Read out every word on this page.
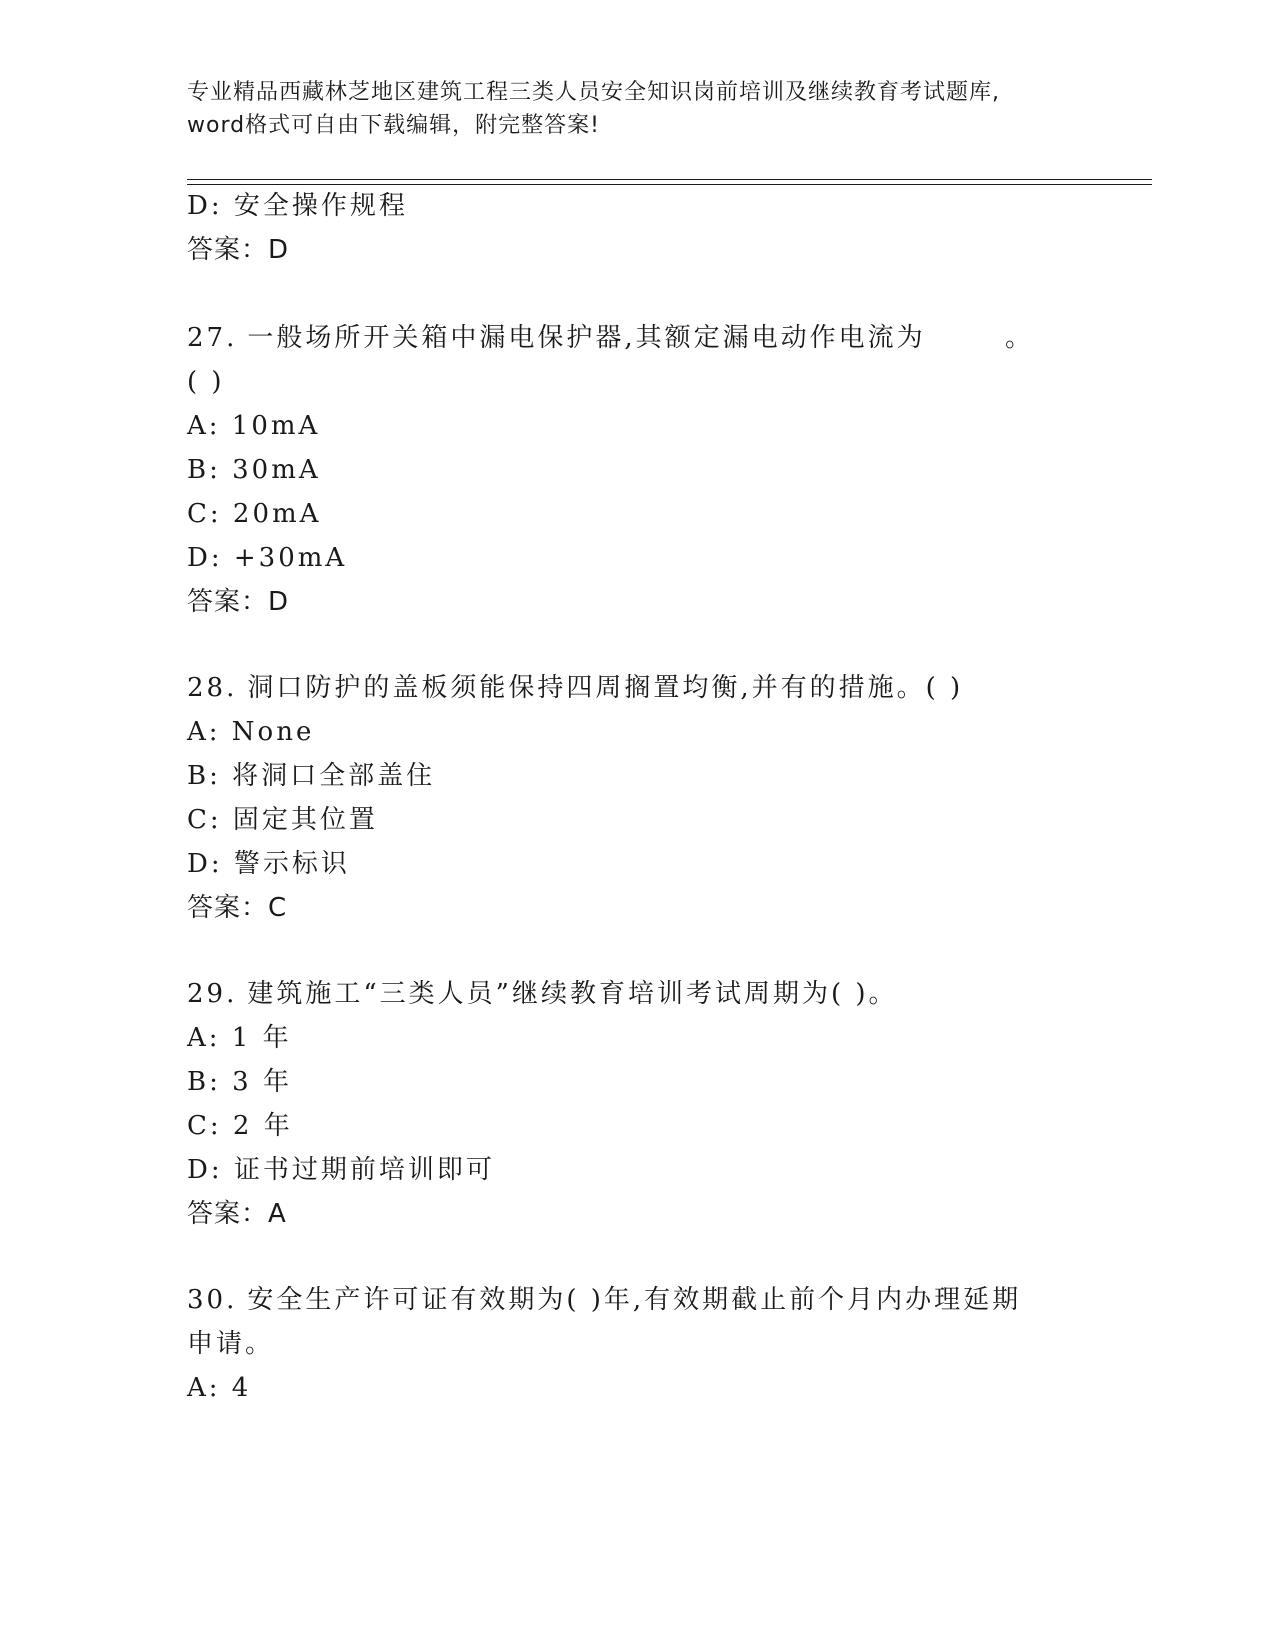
专业精品西藏林芝地区建筑工程三类人员安全知识岗前培训及继续教育考试题库,
word格式可自由下载编辑，附完整答案!
D: 安全操作规程
答案：D
27. 一般场所开关箱中漏电保护器,其额定漏电动作电流为	。
( )
A: 10mA
B: 30mA
C: 20mA
D: +30mA
答案：D
28. 洞口防护的盖板须能保持四周搁置均衡,并有的措施。( )
A: None
B: 将洞口全部盖住
C: 固定其位置
D: 警示标识
答案：C
29. 建筑施工“三类人员”继续教育培训考试周期为( )。
A: 1 年
B: 3 年
C: 2 年
D: 证书过期前培训即可
答案：A
30. 安全生产许可证有效期为( )年,有效期截止前个月内办理延期
申请。
A: 4
